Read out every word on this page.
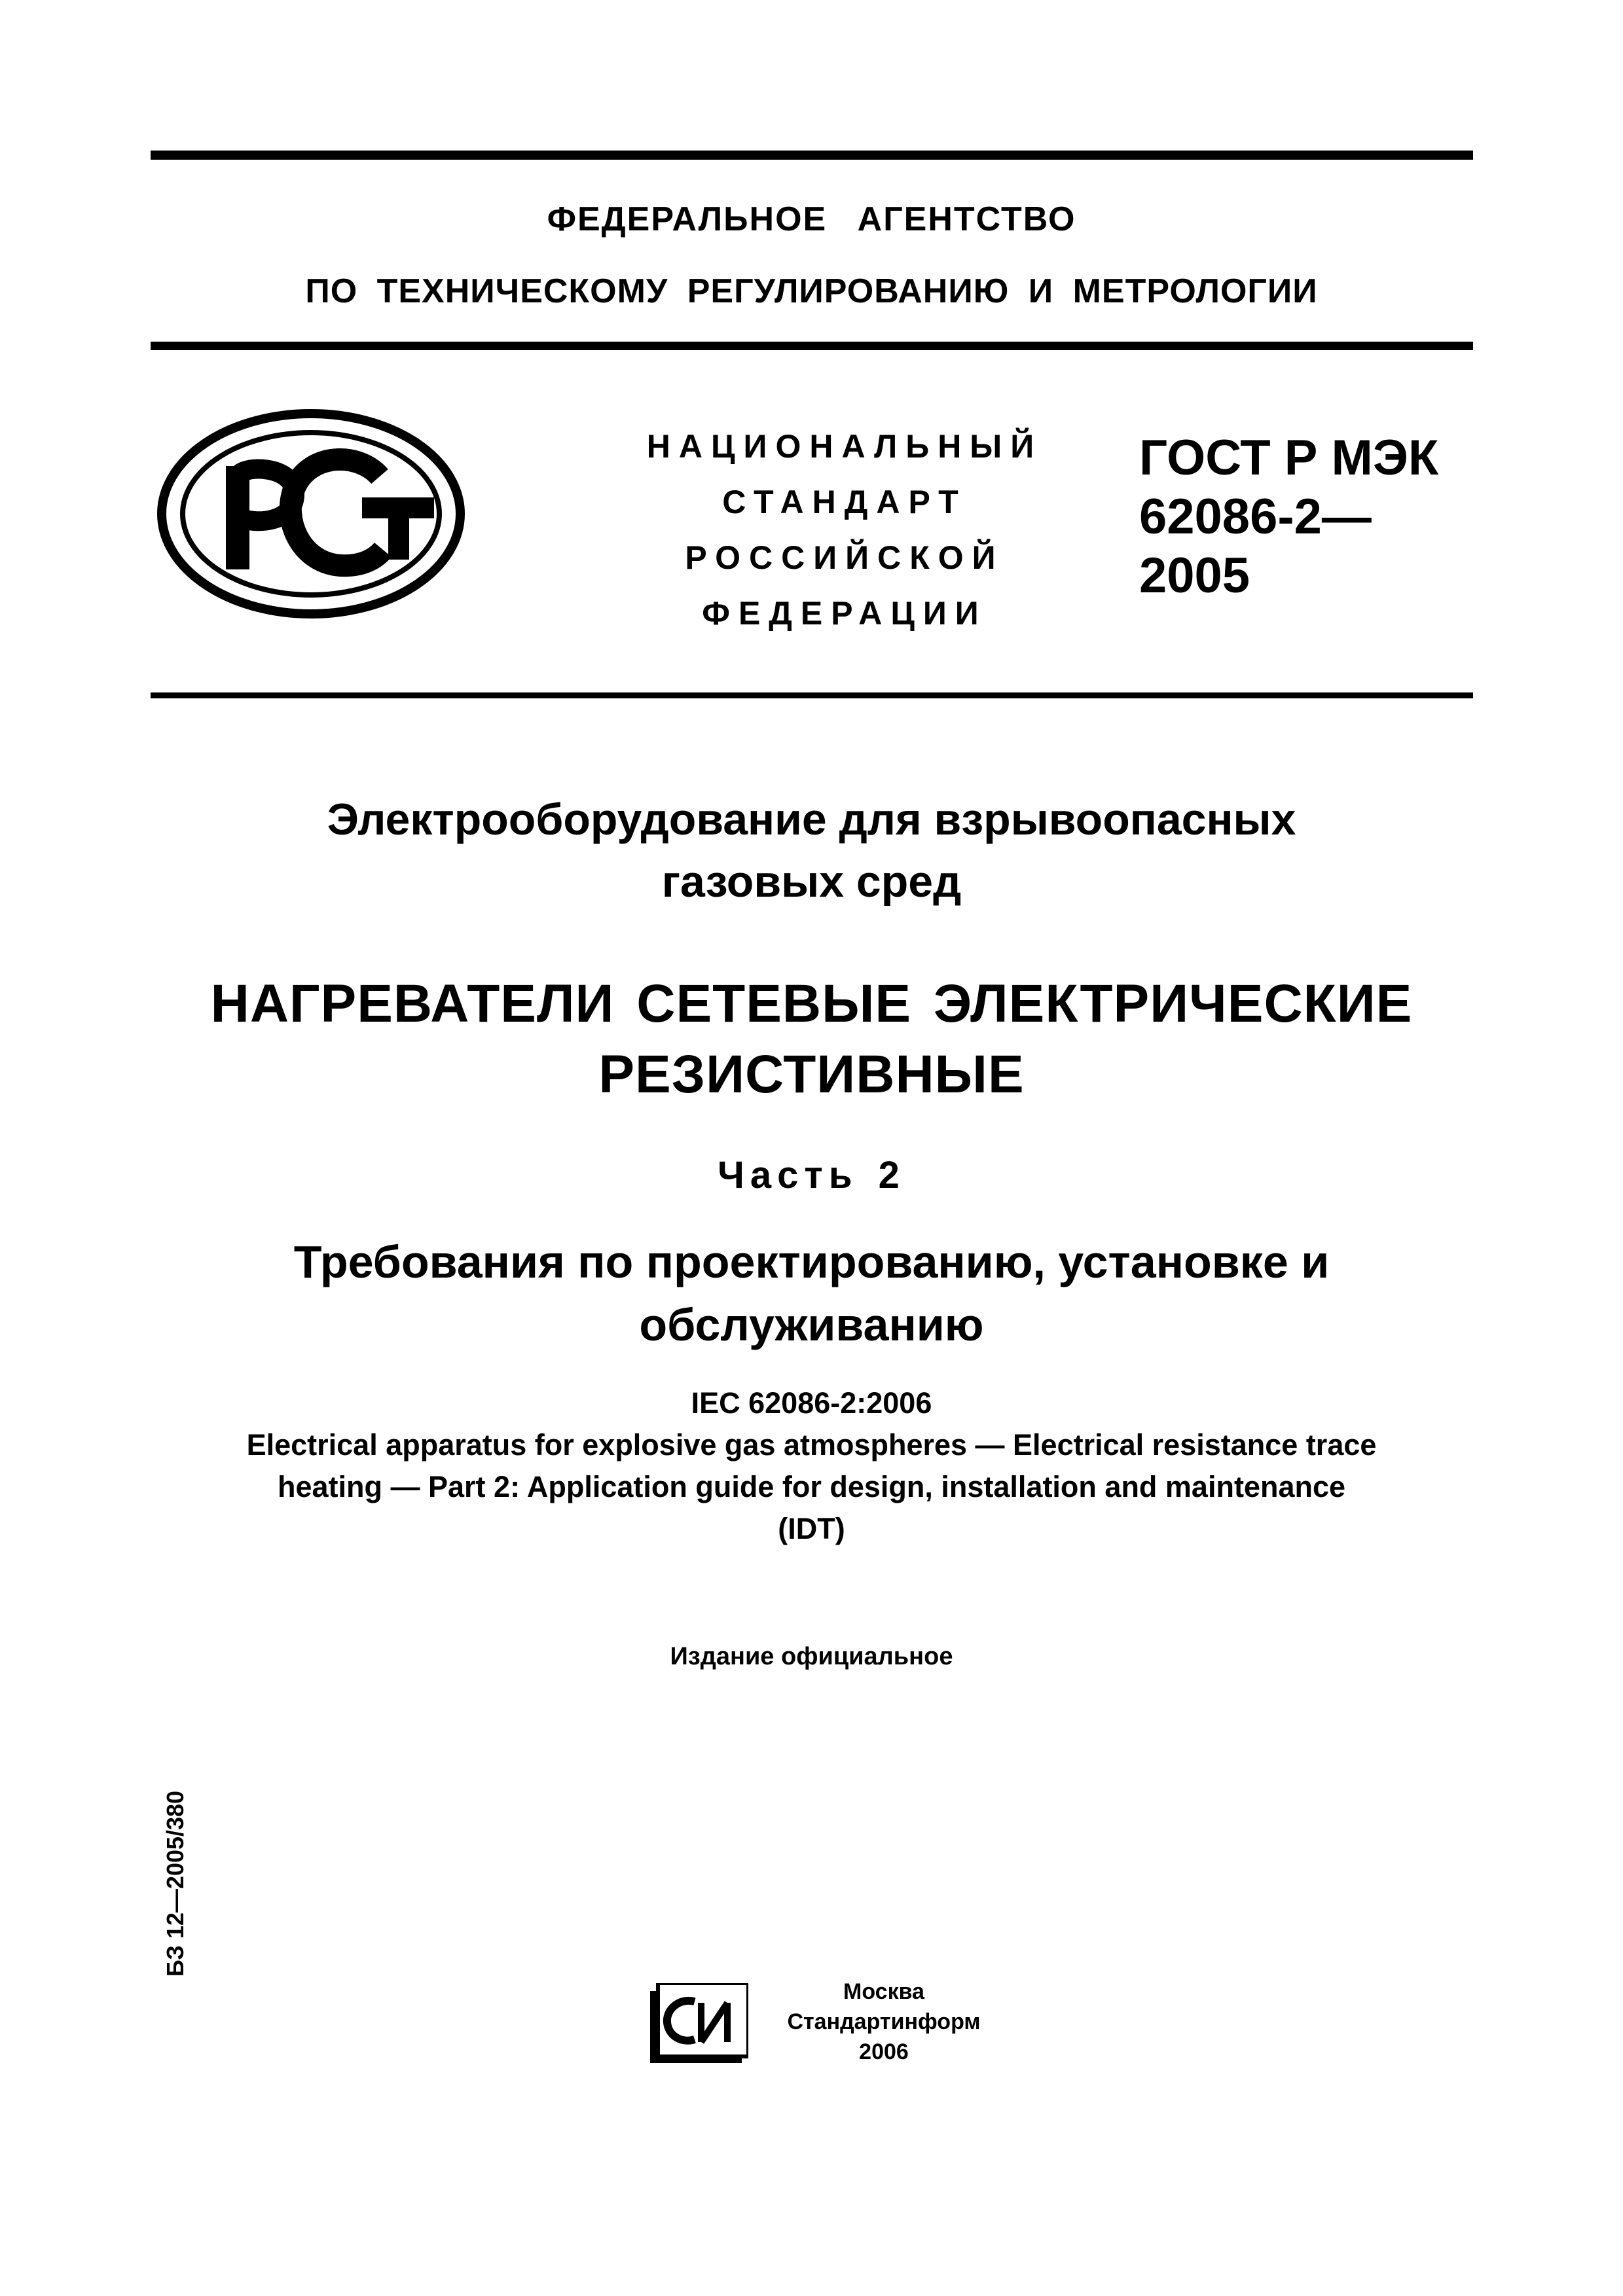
ФЕДЕРАЛЬНОЕ АГЕНТСТВО
ПО ТЕХНИЧЕСКОМУ РЕГУЛИРОВАНИЮ И МЕТРОЛОГИИ
НАЦИОНАЛЬНЫЙ
СТАНДАРТ
РОССИЙСКОЙ
ФЕДЕРАЦИИ
ГОСТ Р МЭК
62086-2—
2005
Электрооборудование для взрывоопасных
газовых сред
НАГРЕВАТЕЛИ СЕТЕВЫЕ ЭЛЕКТРИЧЕСКИЕ
РЕЗИСТИВНЫЕ
Часть 2
Требования по проектированию, установке и
обслуживанию
IEC 62086-2:2006
Electrical apparatus for explosive gas atmospheres — Electrical resistance trace
heating — Part 2: Application guide for design, installation and maintenance
(IDT)
Издание официальное
БЗ 12—2005/380
Москва
Стандартинформ
2006
